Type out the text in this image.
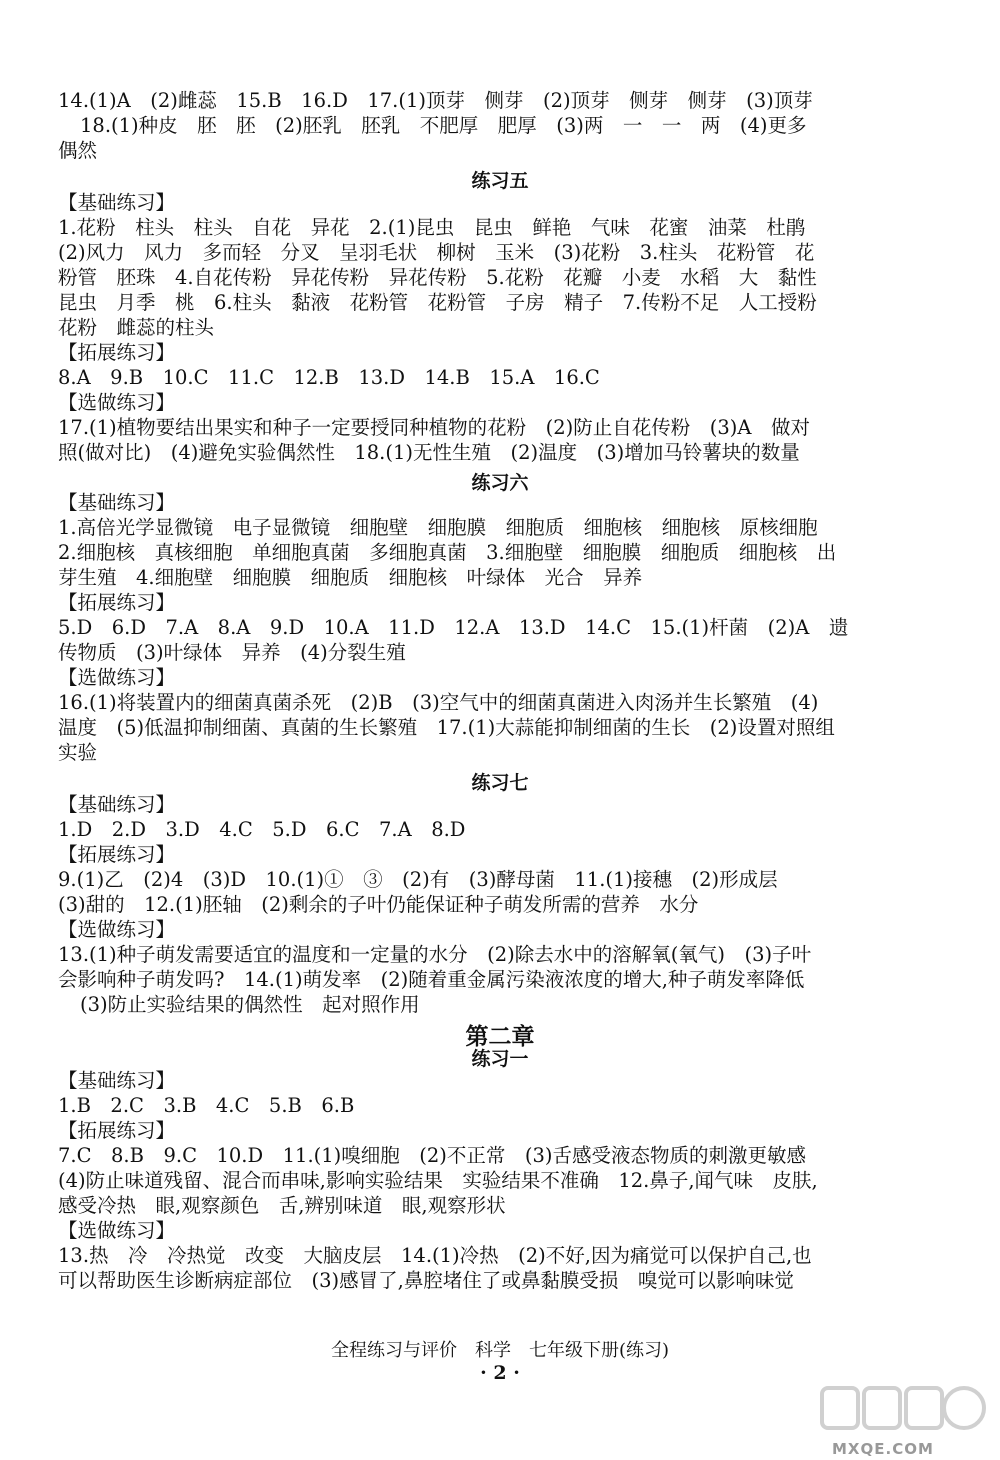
14.(1)A　(2)雌蕊　15.B　16.D　17.(1)顶芽　侧芽　(2)顶芽　侧芽　侧芽　(3)顶芽
18.(1)种皮　胚　胚　(2)胚乳　胚乳　不肥厚　肥厚　(3)两　一　一　两　(4)更多
偶然
练习五
【基础练习】
1.花粉　柱头　柱头　自花　异花　2.(1)昆虫　昆虫　鲜艳　气味　花蜜　油菜　杜鹃
(2)风力　风力　多而轻　分叉　呈羽毛状　柳树　玉米　(3)花粉　3.柱头　花粉管　花
粉管　胚珠　4.自花传粉　异花传粉　异花传粉　5.花粉　花瓣　小麦　水稻　大　黏性
昆虫　月季　桃　6.柱头　黏液　花粉管　花粉管　子房　精子　7.传粉不足　人工授粉
花粉　雌蕊的柱头
【拓展练习】
8.A　9.B　10.C　11.C　12.B　13.D　14.B　15.A　16.C
【选做练习】
17.(1)植物要结出果实和种子一定要授同种植物的花粉　(2)防止自花传粉　(3)A　做对
照(做对比)　(4)避免实验偶然性　18.(1)无性生殖　(2)温度　(3)增加马铃薯块的数量
练习六
【基础练习】
1.高倍光学显微镜　电子显微镜　细胞壁　细胞膜　细胞质　细胞核　细胞核　原核细胞
2.细胞核　真核细胞　单细胞真菌　多细胞真菌　3.细胞壁　细胞膜　细胞质　细胞核　出
芽生殖　4.细胞壁　细胞膜　细胞质　细胞核　叶绿体　光合　异养
【拓展练习】
5.D　6.D　7.A　8.A　9.D　10.A　11.D　12.A　13.D　14.C　15.(1)杆菌　(2)A　遗
传物质　(3)叶绿体　异养　(4)分裂生殖
【选做练习】
16.(1)将装置内的细菌真菌杀死　(2)B　(3)空气中的细菌真菌进入肉汤并生长繁殖　(4)
温度　(5)低温抑制细菌、真菌的生长繁殖　17.(1)大蒜能抑制细菌的生长　(2)设置对照组
实验
练习七
【基础练习】
1.D　2.D　3.D　4.C　5.D　6.C　7.A　8.D
【拓展练习】
9.(1)乙　(2)4　(3)D　10.(1)①　③　(2)有　(3)酵母菌　11.(1)接穗　(2)形成层
(3)甜的　12.(1)胚轴　(2)剩余的子叶仍能保证种子萌发所需的营养　水分
【选做练习】
13.(1)种子萌发需要适宜的温度和一定量的水分　(2)除去水中的溶解氧(氧气)　(3)子叶
会影响种子萌发吗?　14.(1)萌发率　(2)随着重金属污染液浓度的增大,种子萌发率降低
(3)防止实验结果的偶然性　起对照作用
第二章
练习一
【基础练习】
1.B　2.C　3.B　4.C　5.B　6.B
【拓展练习】
7.C　8.B　9.C　10.D　11.(1)嗅细胞　(2)不正常　(3)舌感受液态物质的刺激更敏感
(4)防止味道残留、混合而串味,影响实验结果　实验结果不准确　12.鼻子,闻气味　皮肤,
感受冷热　眼,观察颜色　舌,辨别味道　眼,观察形状
【选做练习】
13.热　冷　冷热觉　改变　大脑皮层　14.(1)冷热　(2)不好,因为痛觉可以保护自己,也
可以帮助医生诊断病症部位　(3)感冒了,鼻腔堵住了或鼻黏膜受损　嗅觉可以影响味觉
全程练习与评价　科学　七年级下册(练习)
· 2 ·
MXQE.COM
